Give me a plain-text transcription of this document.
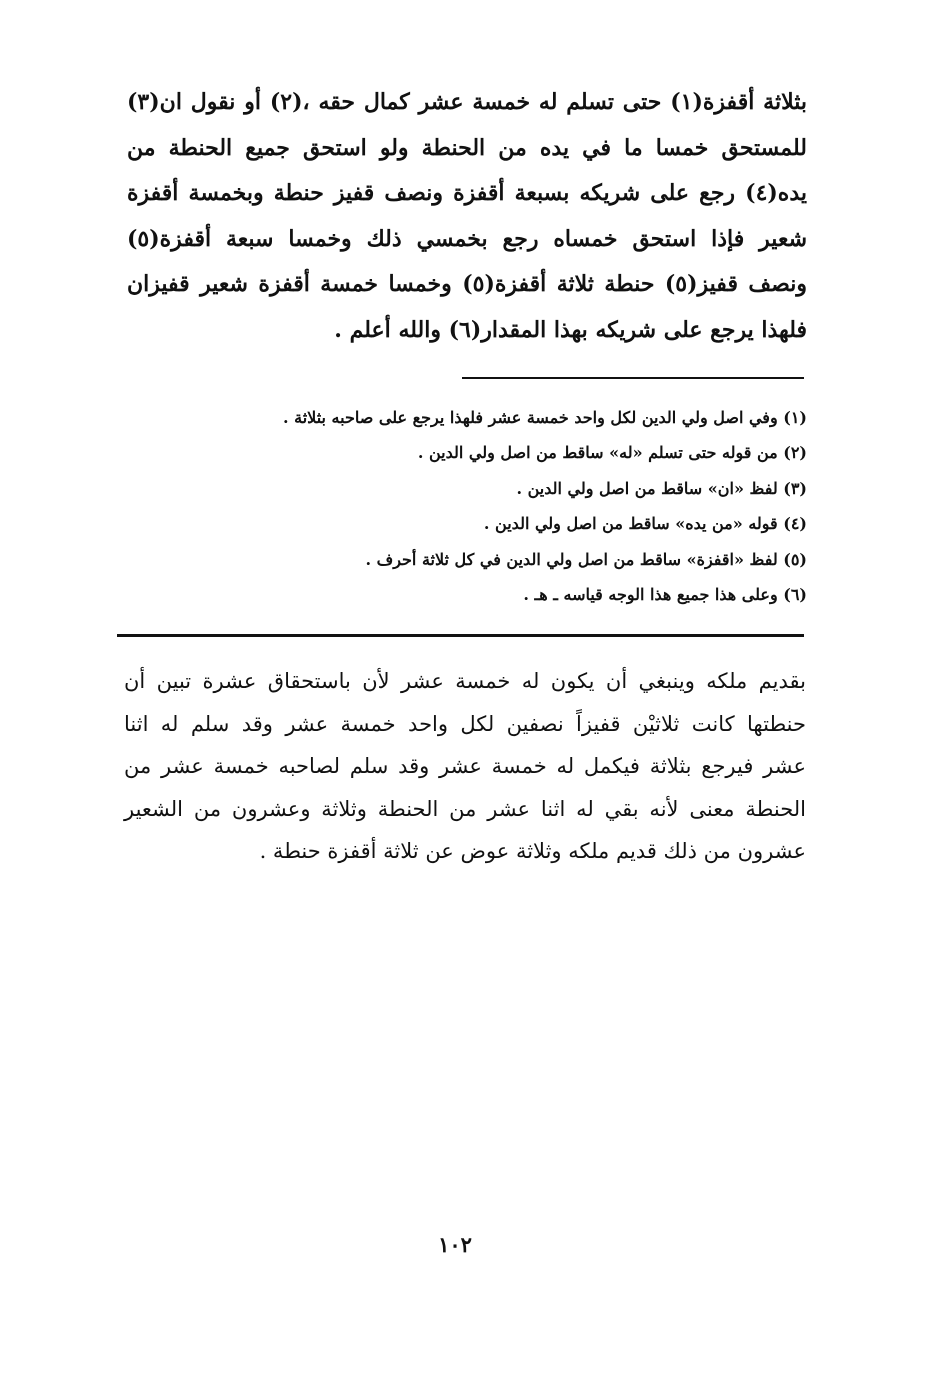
بثلاثة أقفزة(١) حتى تسلم له خمسة عشر كمال حقه ،(٢) أو نقول ان(٣)
للمستحق خمسا ما في يده من الحنطة ولو استحق جميع الحنطة من
يده(٤) رجع على شريكه بسبعة أقفزة ونصف قفيز حنطة وبخمسة أقفزة
شعير فإذا استحق خمساه رجع بخمسي ذلك وخمسا سبعة أقفزة(٥)
ونصف قفيز(٥) حنطة ثلاثة أقفزة(٥) وخمسا خمسة أقفزة شعير قفيزان
فلهذا يرجع على شريكه بهذا المقدار(٦) والله أعلم .
(١) وفي اصل ولي الدين لكل واحد خمسة عشر فلهذا يرجع على صاحبه بثلاثة .
(٢) من قوله حتى تسلم «له» ساقط من اصل ولي الدين .
(٣) لفظ «ان» ساقط من اصل ولي الدين .
(٤) قوله «من يده» ساقط من اصل ولي الدين .
(٥) لفظ «اقفزة» ساقط من اصل ولي الدين في كل ثلاثة أحرف .
(٦) وعلى هذا جميع هذا الوجه قياسه ـ هـ .
بقديم ملكه وينبغي أن يكون له خمسة عشر لأن باستحقاق عشرة تبين أن
حنطتها كانت ثلاثيْن قفيزاً نصفين لكل واحد خمسة عشر وقد سلم له اثنا
عشر فيرجع بثلاثة فيكمل له خمسة عشر وقد سلم لصاحبه خمسة عشر من
الحنطة معنى لأنه بقي له اثنا عشر من الحنطة وثلاثة وعشرون من الشعير
عشرون من ذلك قديم ملكه وثلاثة عوض عن ثلاثة أقفزة حنطة .
١٠٢
